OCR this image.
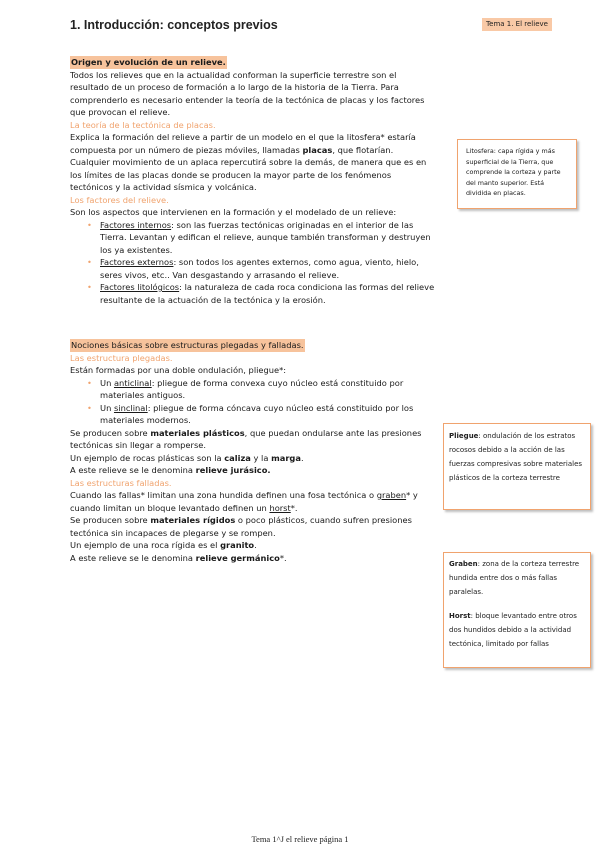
1. Introducción: conceptos previos	Tema 1. El relieve
Origen y evolución de un relieve.

Todos los relieves que en la actualidad conforman la superficie terrestre son el resultado de un proceso de formación a lo largo de la historia de la Tierra. Para comprenderlo es necesario entender la teoría de la tectónica de placas y los factores que provocan el relieve.

La teoría de la tectónica de placas.

Explica la formación del relieve a partir de un modelo en el que la litosfera* estaría compuesta por un número de piezas móviles, llamadas placas, que flotarían. Cualquier movimiento de un aplaca repercutirá sobre la demás, de manera que es en los límites de las placas donde se producen la mayor parte de los fenómenos tectónicos y la actividad sísmica y volcánica.

Los factores del relieve.

Son los aspectos que intervienen en la formación y el modelado de un relieve:

• Factores internos: son las fuerzas tectónicas originadas en el interior de las Tierra. Levantan y edifican el relieve, aunque también transforman y destruyen los ya existentes.
• Factores externos: son todos los agentes externos, como agua, viento, hielo, seres vivos, etc.. Van desgastando y arrasando el relieve.
• Factores litológicos: la naturaleza de cada roca condiciona las formas del relieve resultante de la actuación de la tectónica y la erosión.
Nociones básicas sobre estructuras plegadas y falladas.
Las estructura plegadas.

Están formadas por una doble ondulación, pliegue*:

• Un anticlinal: pliegue de forma convexa cuyo núcleo está constituido por materiales antiguos.
• Un sinclinal: pliegue de forma cóncava cuyo núcleo está constituido por los materiales modernos.

Se producen sobre materiales plásticos, que puedan ondularse ante las presiones tectónicas sin llegar a romperse.

Un ejemplo de rocas plásticas son la caliza y la marga.

A este relieve se le denomina relieve jurásico.

Las estructuras falladas.

Cuando las fallas* limitan una zona hundida definen una fosa tectónica o graben* y cuando limitan un bloque levantado definen un horst*.

Se producen sobre materiales rígidos o poco plásticos, cuando sufren presiones tectónica sin incapaces de plegarse y se rompen.

Un ejemplo de una roca rígida es el granito.

A este relieve se le denomina relieve germánico*.

Litosfera: capa rígida y más superficial de la Tierra, que comprende la corteza y parte del manto superior. Está dividida en placas.
Pliegue: ondulación de los estratos rocosos debido a la acción de las fuerzas compresivas sobre materiales plásticos de la corteza terrestre
Graben: zona de la corteza terrestre hundida entre dos o más fallas paralelas.
Horst: bloque levantado entre otros dos hundidos debido a la actividad tectónica, limitado por fallas
Tema 1^J el relieve página 1
